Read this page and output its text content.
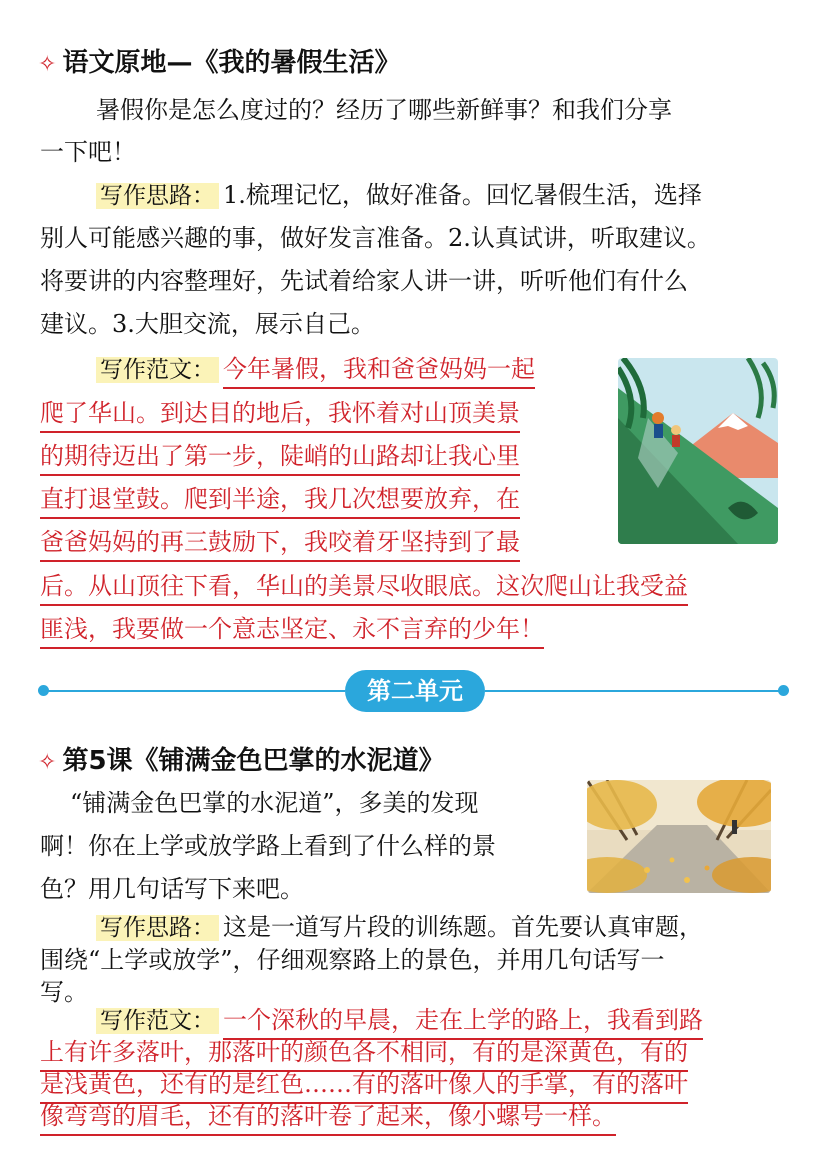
✧ 语文原地—《我的暑假生活》
暑假你是怎么度过的？经历了哪些新鲜事？和我们分享
一下吧！
写作思路： 1.梳理记忆，做好准备。回忆暑假生活，选择
别人可能感兴趣的事，做好发言准备。2.认真试讲，听取建议。
将要讲的内容整理好，先试着给家人讲一讲，听听他们有什么
建议。3.大胆交流，展示自己。
写作范文： 今年暑假，我和爸爸妈妈一起
爬了华山。到达目的地后，我怀着对山顶美景
的期待迈出了第一步，陡峭的山路却让我心里
直打退堂鼓。爬到半途，我几次想要放弃，在
爸爸妈妈的再三鼓励下，我咬着牙坚持到了最
后。从山顶往下看，华山的美景尽收眼底。这次爬山让我受益
匪浅，我要做一个意志坚定、永不言弃的少年！
第二单元
✧ 第5课《铺满金色巴掌的水泥道》
“铺满金色巴掌的水泥道”，多美的发现
啊！你在上学或放学路上看到了什么样的景
色？用几句话写下来吧。
写作思路： 这是一道写片段的训练题。首先要认真审题，
围绕“上学或放学”，仔细观察路上的景色，并用几句话写一
写。
写作范文： 一个深秋的早晨，走在上学的路上，我看到路
上有许多落叶，那落叶的颜色各不相同，有的是深黄色，有的
是浅黄色，还有的是红色……有的落叶像人的手掌，有的落叶
像弯弯的眉毛，还有的落叶卷了起来，像小螺号一样。
